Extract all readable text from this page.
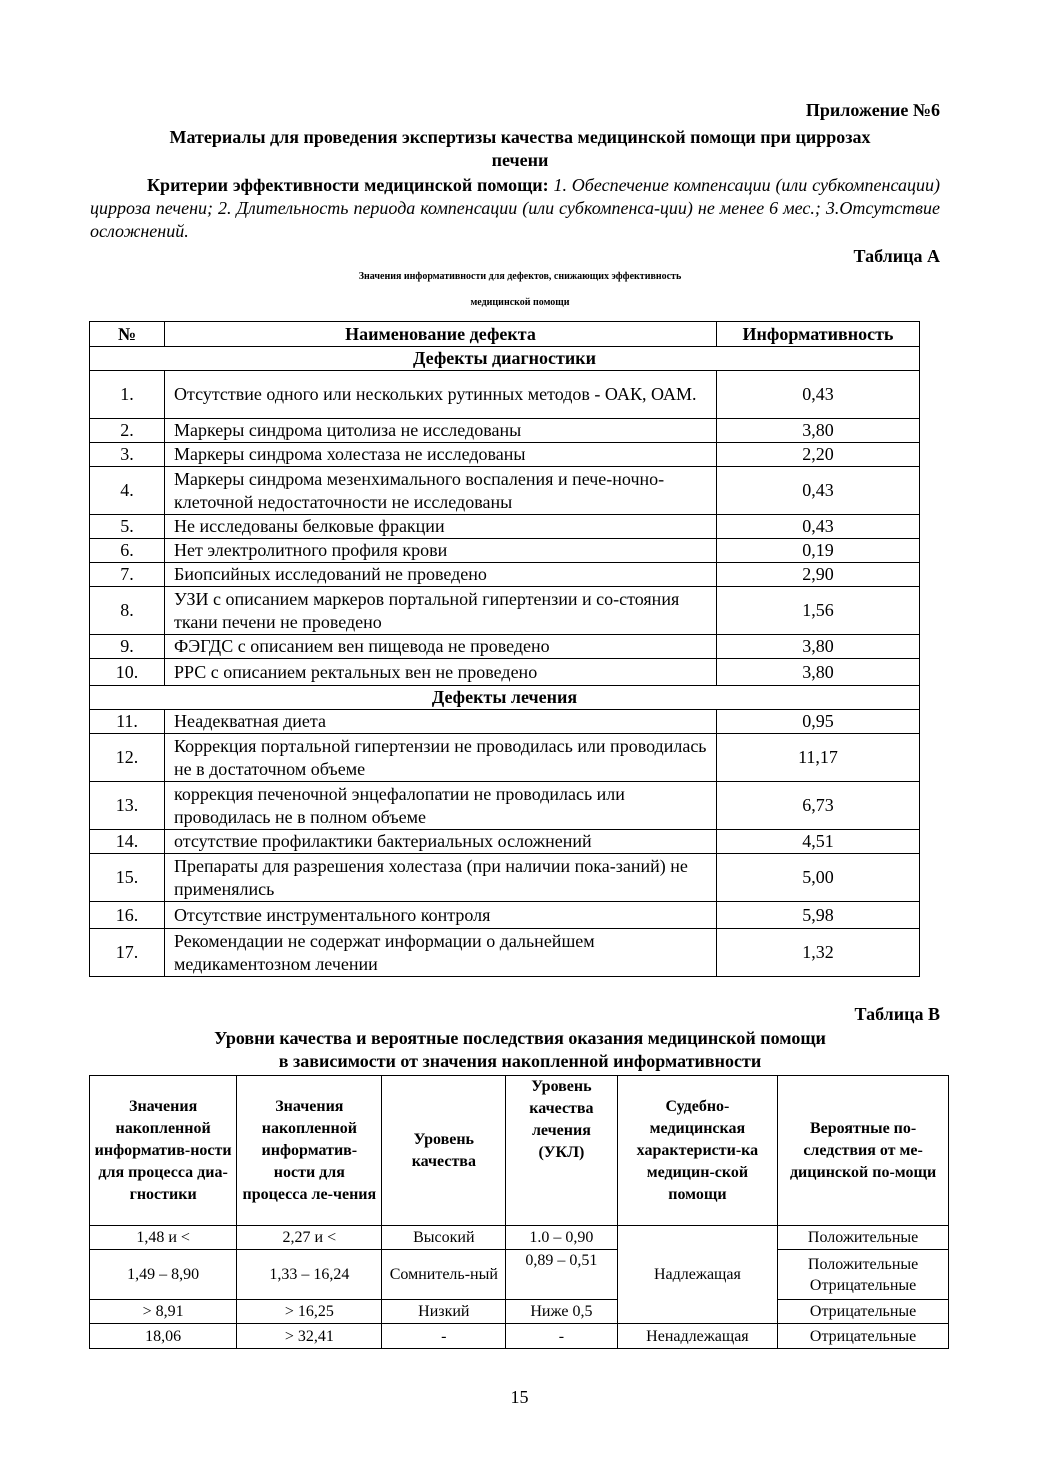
Приложение №6
Материалы для проведения экспертизы качества медицинской помощи при циррозах
печени
Критерии эффективности медицинской помощи: 1. Обеспечение компенсации (или субкомпенсации) цирроза печени; 2. Длительность периода компенсации (или субкомпенса-ции) не менее 6 мес.; 3.Отсутствие осложнений.
Таблица А
Значения информативности для дефектов, снижающих эффективность
медицинской помощи
№	Наименование дефекта	Информативность
Дефекты диагностики		
1.	Отсутствие одного или нескольких рутинных методов - ОАК, ОАМ.	0,43
2.	Маркеры синдрома цитолиза не исследованы	3,80
3.	Маркеры синдрома холестаза не исследованы	2,20
4.	Маркеры синдрома мезенхимального воспаления и пече-ночно-клеточной недостаточности не исследованы	0,43
5.	Не исследованы белковые фракции	0,43
6.	Нет электролитного профиля крови	0,19
7.	Биопсийных исследований не проведено	2,90
8.	УЗИ с описанием маркеров портальной гипертензии и со-стояния ткани печени не проведено	1,56
9.	ФЭГДС с описанием вен пищевода не проведено	3,80
10.	РРС с описанием ректальных вен не проведено	3,80
Дефекты лечения		
11.	Неадекватная диета	0,95
12.	Коррекция портальной гипертензии не проводилась или проводилась не в достаточном объеме	11,17
13.	коррекция печеночной энцефалопатии не проводилась или проводилась не в полном объеме	6,73
14.	отсутствие профилактики бактериальных осложнений	4,51
15.	Препараты для разрешения холестаза (при наличии пока-заний) не применялись	5,00
16.	Отсутствие инструментального контроля	5,98
17.	Рекомендации не содержат информации о дальнейшем медикаментозном лечении	1,32
Таблица В
Уровни качества и вероятные последствия оказания медицинской помощи
в зависимости от значения накопленной информативности
Значения накопленной информатив-ности для процесса диа-гностики	Значения накопленной информатив-ности для процесса ле-чения	Уровень качества	Уровень качества лечения (УКЛ)	Судебно-медицинская характеристи-ка медицин-ской помощи	Вероятные по-следствия от ме-дицинской по-мощи
1,48 и <	2,27 и <	Высокий	1.0 – 0,90	Надлежащая	Положительные
1,49 – 8,90	1,33 – 16,24	Сомнитель-ный	0,89 – 0,51		Положительные Отрицательные
> 8,91	> 16,25	Низкий	Ниже 0,5		Отрицательные
18,06	> 32,41	-	-	Ненадлежащая	Отрицательные
15
